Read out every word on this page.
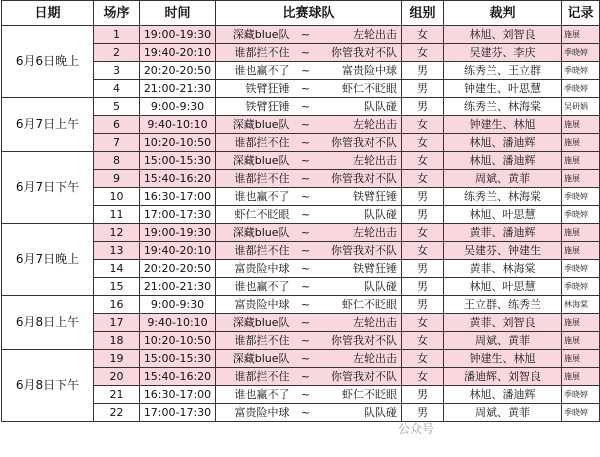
日期	场序	时间	比赛球队			组别	裁判	记录
6月6日晚上	1	19:00-19:30	深藏blue队	~	左轮出击	女	林旭、刘智良	施展
	2	19:40-20:10	谁都拦不住	~	你管我对不队	女	吴建芬、李庆	季晓婷
	3	20:20-20:50	谁也赢不了	~	富贵险中球	男	练秀兰、王立群	季晓婷
	4	21:00-21:30	铁臂狂锤	~	虾仁不眨眼	男	钟建生、叶思慧	季晓婷
6月7日上午	5	9:00-9:30	铁臂狂锤	~	队队碰	男	练秀兰、林海棠	吴研娟
	6	9:40-10:10	深藏blue队	~	左轮出击	女	钟建生、林旭	施展
	7	10:20-10:50	谁都拦不住	~	你管我对不队	女	林旭、潘迪辉	施展
6月7日下午	8	15:00-15:30	深藏blue队	~	左轮出击	女	林旭、潘迪辉	施展
	9	15:40-16:20	谁都拦不住	~	你管我对不队	女	周斌、黄菲	施展
	10	16:30-17:00	谁也赢不了	~	铁臂狂锤	男	练秀兰、林海棠	季晓婷
	11	17:00-17:30	虾仁不眨眼	~	队队碰	男	林旭、叶思慧	季晓婷
6月7日晚上	12	19:00-19:30	深藏blue队	~	左轮出击	女	黄菲、潘迪辉	施展
	13	19:40-20:10	谁都拦不住	~	你管我对不队	女	吴建芬、钟建生	施展
	14	20:20-20:50	富贵险中球	~	铁臂狂锤	男	黄菲、林海棠	季晓婷
	15	21:00-21:30	谁也赢不了	~	队队碰	男	林旭、叶思慧	季晓婷
6月8日上午	16	9:00-9:30	富贵险中球	~	虾仁不眨眼	男	王立群、练秀兰	林海棠
	17	9:40-10:10	深藏blue队	~	左轮出击	女	黄菲、刘智良	施展
	18	10:20-10:50	谁都拦不住	~	你管我对不队	女	周斌、黄菲	施展
6月8日下午	19	15:00-15:30	深藏blue队	~	左轮出击	女	钟建生、林旭	施展
	20	15:40-16:20	谁都拦不住	~	你管我对不队	女	潘迪辉、刘智良	施展
	21	16:30-17:00	谁也赢不了	~	虾仁不眨眼	男	林旭、潘迪辉	季晓婷
	22	17:00-17:30	富贵险中球	~	队队碰	男	周斌、黄菲	季晓婷
公众号
